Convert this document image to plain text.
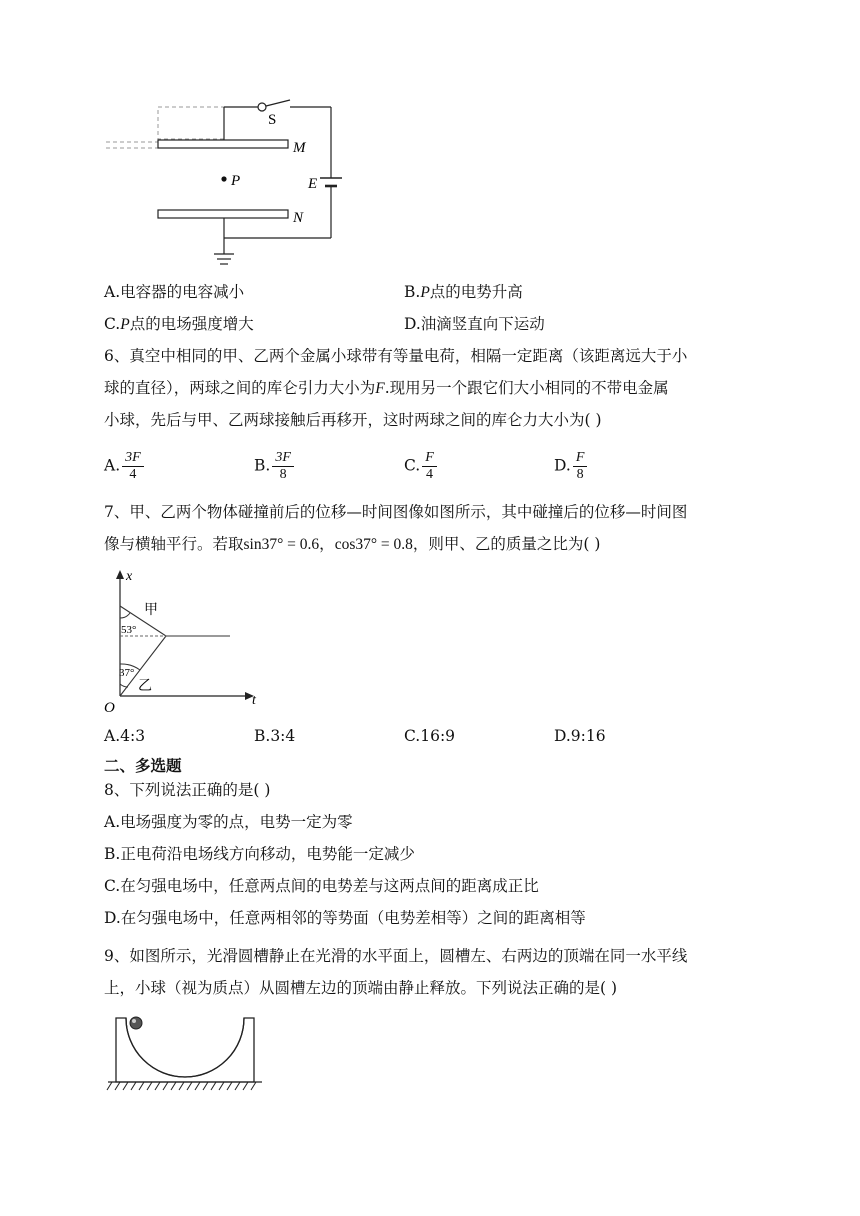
P
S
M
N
E
A.电容器的电容减小	B.P点的电势升高
C.P点的电场强度增大	D.油滴竖直向下运动
6、真空中相同的甲、乙两个金属小球带有等量电荷，相隔一定距离（该距离远大于小
球的直径），两球之间的库仑引力大小为F.现用另一个跟它们大小相同的不带电金属
小球，先后与甲、乙两球接触后再移开，这时两球之间的库仑力大小为( )
A. $\frac{3F}{4}$	B. $\frac{3F}{8}$	C. $\frac{F}{4}$	D. $\frac{F}{8}$
7、甲、乙两个物体碰撞前后的位移—时间图像如图所示，其中碰撞后的位移—时间图
像与横轴平行。若取sin37° = 0.6，cos37° = 0.8，则甲、乙的质量之比为( )
x
t
O
甲
乙
53°
37°
A.4:3	B.3:4	C.16:9	D.9:16
二、多选题
8、下列说法正确的是( )
A.电场强度为零的点，电势一定为零
B.正电荷沿电场线方向移动，电势能一定减少
C.在匀强电场中，任意两点间的电势差与这两点间的距离成正比
D.在匀强电场中，任意两相邻的等势面（电势差相等）之间的距离相等
9、如图所示，光滑圆槽静止在光滑的水平面上，圆槽左、右两边的顶端在同一水平线
上，小球（视为质点）从圆槽左边的顶端由静止释放。下列说法正确的是( )
